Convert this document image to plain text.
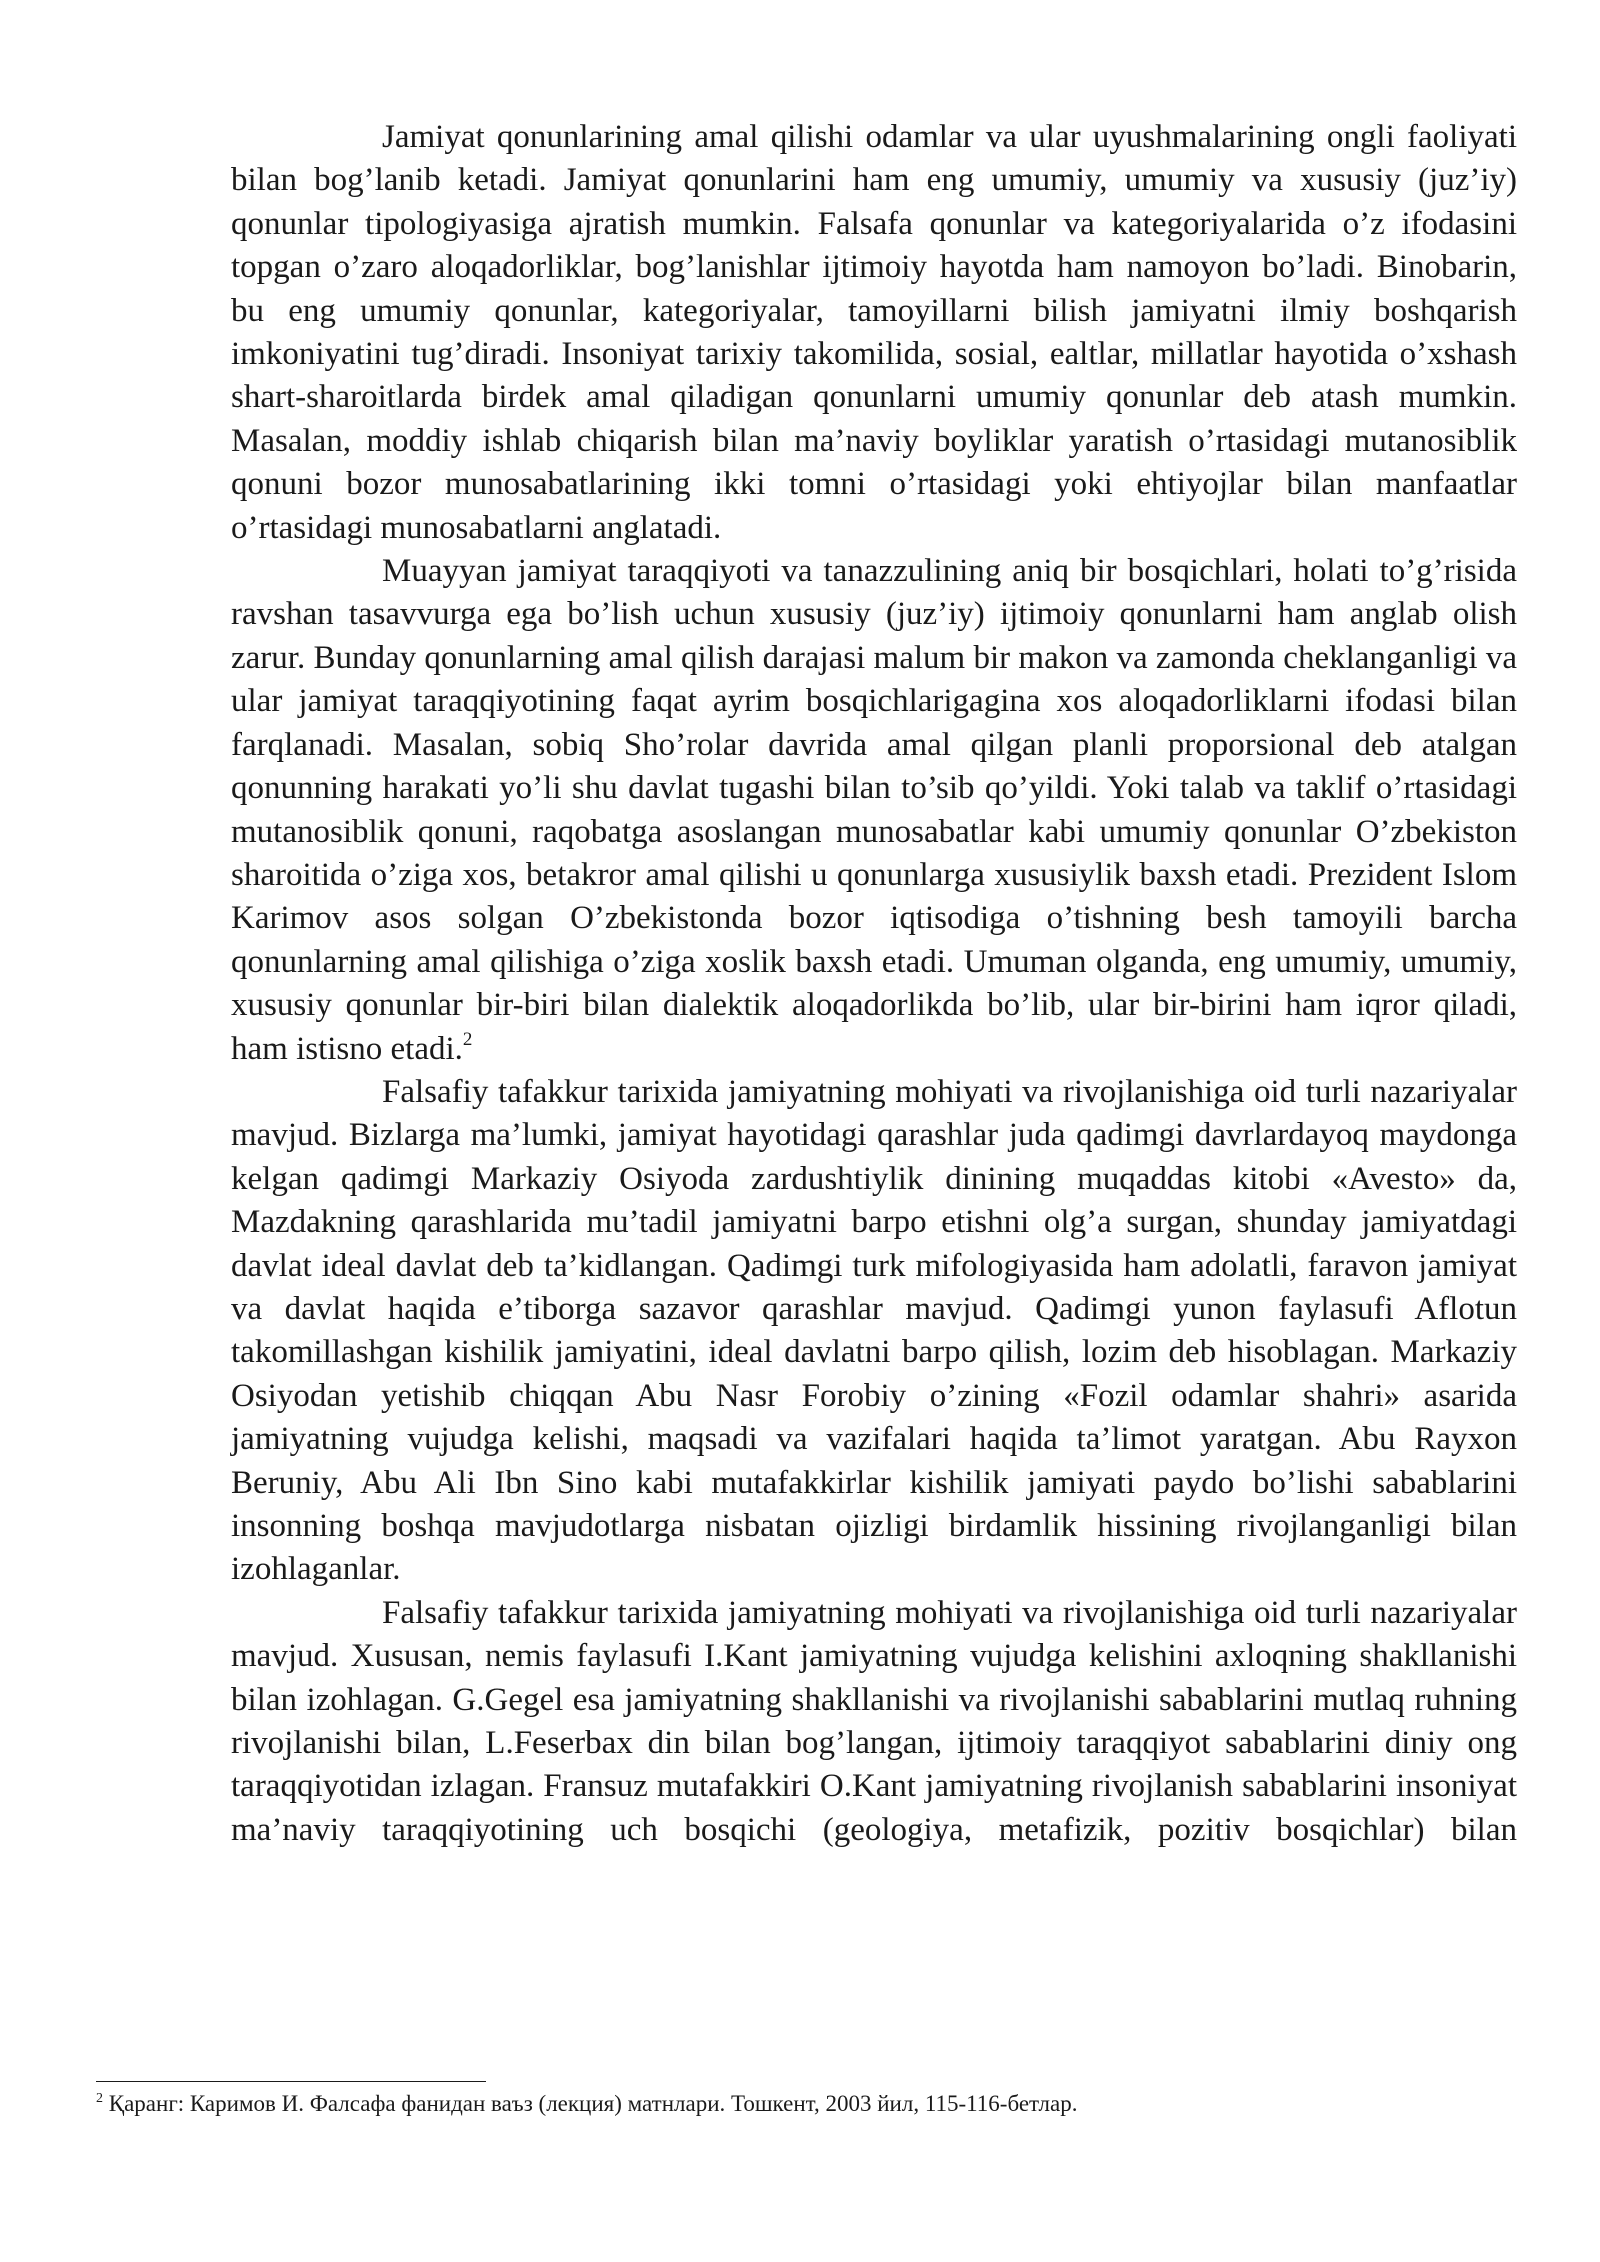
Jamiyat qonunlarining amal qilishi odamlar va ular uyushmalarining ongli faoliyati bilan bog’lanib ketadi. Jamiyat qonunlarini ham eng umumiy, umumiy va xususiy (juz’iy) qonunlar tipologiyasiga ajratish mumkin. Falsafa qonunlar va kategoriyalarida o’z ifodasini topgan o’zaro aloqadorliklar, bog’lanishlar ijtimoiy hayotda ham namoyon bo’ladi. Binobarin, bu eng umumiy qonunlar, kategoriyalar, tamoyillarni bilish jamiyatni ilmiy boshqarish imkoniyatini tug’diradi. Insoniyat tarixiy takomilida, sosial, ealtlar, millatlar hayotida o’xshash shart-sharoitlarda birdek amal qiladigan qonunlarni umumiy qonunlar deb atash mumkin. Masalan, moddiy ishlab chiqarish bilan ma’naviy boyliklar yaratish o’rtasidagi mutanosiblik qonuni bozor munosabatlarining ikki tomni o’rtasidagi yoki ehtiyojlar bilan manfaatlar o’rtasidagi munosabatlarni anglatadi.

Muayyan jamiyat taraqqiyoti va tanazzulining aniq bir bosqichlari, holati to’g’risida ravshan tasavvurga ega bo’lish uchun xususiy (juz’iy) ijtimoiy qonunlarni ham anglab olish zarur. Bunday qonunlarning amal qilish darajasi malum bir makon va zamonda cheklanganligi va ular jamiyat taraqqiyotining faqat ayrim bosqichlarigagina xos aloqadorliklarni ifodasi bilan farqlanadi. Masalan, sobiq Sho’rolar davrida amal qilgan planli proporsional deb atalgan qonunning harakati yo’li shu davlat tugashi bilan to’sib qo’yildi. Yoki talab va taklif o’rtasidagi mutanosiblik qonuni, raqobatga asoslangan munosabatlar kabi umumiy qonunlar O’zbekiston sharoitida o’ziga xos, betakror amal qilishi u qonunlarga xususiylik baxsh etadi. Prezident Islom Karimov asos solgan O’zbekistonda bozor iqtisodiga o’tishning besh tamoyili barcha qonunlarning amal qilishiga o’ziga xoslik baxsh etadi. Umuman olganda, eng umumiy, umumiy, xususiy qonunlar bir-biri bilan dialektik aloqadorlikda bo’lib, ular bir-birini ham iqror qiladi, ham istisno etadi.$^2$

Falsafiy tafakkur tarixida jamiyatning mohiyati va rivojlanishiga oid turli nazariyalar mavjud. Bizlarga ma’lumki, jamiyat hayotidagi qarashlar juda qadimgi davrlardayoq maydonga kelgan qadimgi Markaziy Osiyoda zardushtiylik dinining muqaddas kitobi «Avesto» da, Mazdakning qarashlarida mu’tadil jamiyatni barpo etishni olg’a surgan, shunday jamiyatdagi davlat ideal davlat deb ta’kidlangan. Qadimgi turk mifologiyasida ham adolatli, faravon jamiyat va davlat haqida e’tiborga sazavor qarashlar mavjud. Qadimgi yunon faylasufi Aflotun takomillashgan kishilik jamiyatini, ideal davlatni barpo qilish, lozim deb hisoblagan. Markaziy Osiyodan yetishib chiqqan Abu Nasr Forobiy o’zining «Fozil odamlar shahri» asarida jamiyatning vujudga kelishi, maqsadi va vazifalari haqida ta’limot yaratgan. Abu Rayxon Beruniy, Abu Ali Ibn Sino kabi mutafakkirlar kishilik jamiyati paydo bo’lishi sabablarini insonning boshqa mavjudotlarga nisbatan ojizligi birdamlik hissining rivojlanganligi bilan izohlaganlar.

Falsafiy tafakkur tarixida jamiyatning mohiyati va rivojlanishiga oid turli nazariyalar mavjud. Xususan, nemis faylasufi I.Kant jamiyatning vujudga kelishini axloqning shakllanishi bilan izohlagan. G.Gegel esa jamiyatning shakllanishi va rivojlanishi sabablarini mutlaq ruhning rivojlanishi bilan, L.Feserbax din bilan bog’langan, ijtimoiy taraqqiyot sabablarini diniy ong taraqqiyotidan izlagan. Fransuz mutafakkiri O.Kant jamiyatning rivojlanish sabablarini insoniyat ma’naviy taraqqiyotining uch bosqichi (geologiya, metafizik, pozitiv bosqichlar) bilan

$^2$ Қаранг: Каримов И. Фалсафа фанидан ваъз (лекция) матнлари. Тошкент, 2003 йил, 115-116-бетлар.
